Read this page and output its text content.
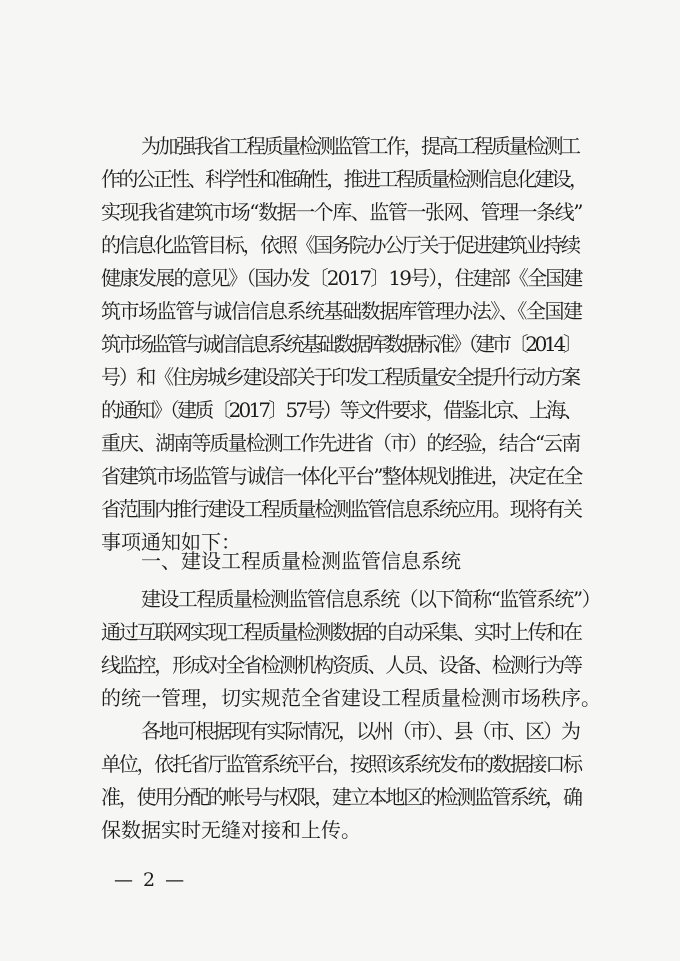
为加强我省工程质量检测监管工作，提高工程质量检测工
作的公正性、科学性和准确性，推进工程质量检测信息化建设，
实现我省建筑市场“数据一个库、监管一张网、管理一条线”
的信息化监管目标，依照《国务院办公厅关于促进建筑业持续
健康发展的意见》（国办发〔2017〕19号），住建部《全国建
筑市场监管与诚信信息系统基础数据库管理办法》、《全国建
筑市场监管与诚信信息系统基础数据库数据标准》（建市〔2014〕
号）和《住房城乡建设部关于印发工程质量安全提升行动方案
的通知》（建质〔2017〕57号）等文件要求，借鉴北京、上海、
重庆、湖南等质量检测工作先进省（市）的经验，结合“云南
省建筑市场监管与诚信一体化平台”整体规划推进，决定在全
省范围内推行建设工程质量检测监管信息系统应用。现将有关
事项通知如下：
一、建设工程质量检测监管信息系统
建设工程质量检测监管信息系统（以下简称“监管系统”）
通过互联网实现工程质量检测数据的自动采集、实时上传和在
线监控，形成对全省检测机构资质、人员、设备、检测行为等
的统一管理，切实规范全省建设工程质量检测市场秩序。
各地可根据现有实际情况，以州（市）、县（市、区）为
单位，依托省厅监管系统平台，按照该系统发布的数据接口标
准，使用分配的帐号与权限，建立本地区的检测监管系统，确
保数据实时无缝对接和上传。
— 2 —
